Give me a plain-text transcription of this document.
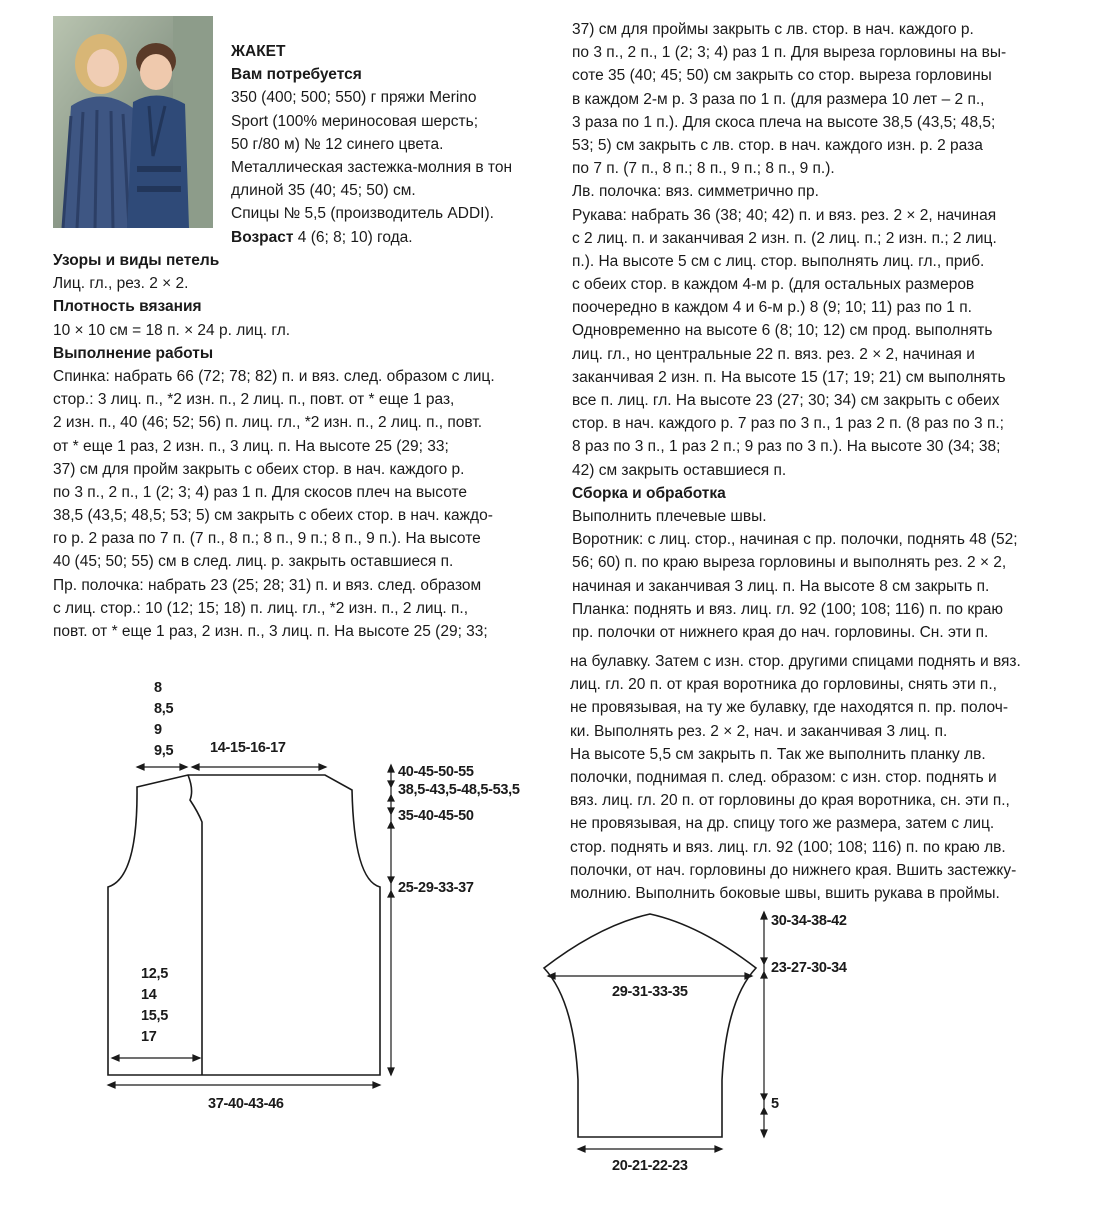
ЖАКЕТ
Вам потребуется
350 (400; 500; 550) г пряжи Merino
Sport (100% мериносовая шерсть;
50 г/80 м) № 12 синего цвета.
Металлическая застежка-молния в тон
длиной 35 (40; 45; 50) см.
Спицы № 5,5 (производитель ADDI).
Возраст 4 (6; 8; 10) года.
Узоры и виды петель
Лиц. гл., рез. 2 × 2.
Плотность вязания
10 × 10 см = 18 п. × 24 р. лиц. гл.
Выполнение работы
Спинка: набрать 66 (72; 78; 82) п. и вяз. след. образом с лиц.
стор.: 3 лиц. п., *2 изн. п., 2 лиц. п., повт. от * еще 1 раз,
2 изн. п., 40 (46; 52; 56) п. лиц. гл., *2 изн. п., 2 лиц. п., повт.
от * еще 1 раз, 2 изн. п., 3 лиц. п. На высоте 25 (29; 33;
37) см для пройм закрыть с обеих стор. в нач. каждого р.
по 3 п., 2 п., 1 (2; 3; 4) раз 1 п. Для скосов плеч на высоте
38,5 (43,5; 48,5; 53; 5) см закрыть с обеих стор. в нач. каждо-
го р. 2 раза по 7 п. (7 п., 8 п.; 8 п., 9 п.; 8 п., 9 п.). На высоте
40 (45; 50; 55) см в след. лиц. р. закрыть оставшиеся п.
Пр. полочка: набрать 23 (25; 28; 31) п. и вяз. след. образом
с лиц. стор.: 10 (12; 15; 18) п. лиц. гл., *2 изн. п., 2 лиц. п.,
повт. от * еще 1 раз, 2 изн. п., 3 лиц. п. На высоте 25 (29; 33;
37) см для проймы закрыть с лв. стор. в нач. каждого р.
по 3 п., 2 п., 1 (2; 3; 4) раз 1 п. Для выреза горловины на вы-
соте 35 (40; 45; 50) см закрыть со стор. выреза горловины
в каждом 2-м р. 3 раза по 1 п. (для размера 10 лет – 2 п.,
3 раза по 1 п.). Для скоса плеча на высоте 38,5 (43,5; 48,5;
53; 5) см закрыть с лв. стор. в нач. каждого изн. р. 2 раза
по 7 п. (7 п., 8 п.; 8 п., 9 п.; 8 п., 9 п.).
Лв. полочка: вяз. симметрично пр.
Рукава: набрать 36 (38; 40; 42) п. и вяз. рез. 2 × 2, начиная
с 2 лиц. п. и заканчивая 2 изн. п. (2 лиц. п.; 2 изн. п.; 2 лиц.
п.). На высоте 5 см с лиц. стор. выполнять лиц. гл., приб.
с обеих стор. в каждом 4-м р. (для остальных размеров
поочередно в каждом 4 и 6-м р.) 8 (9; 10; 11) раз по 1 п.
Одновременно на высоте 6 (8; 10; 12) см прод. выполнять
лиц. гл., но центральные 22 п. вяз. рез. 2 × 2, начиная и
заканчивая 2 изн. п. На высоте 15 (17; 19; 21) см выполнять
все п. лиц. гл. На высоте 23 (27; 30; 34) см закрыть с обеих
стор. в нач. каждого р. 7 раз по 3 п., 1 раз 2 п. (8 раз по 3 п.;
8 раз по 3 п., 1 раз 2 п.; 9 раз по 3 п.). На высоте 30 (34; 38;
42) см закрыть оставшиеся п.
Сборка и обработка
Выполнить плечевые швы.
Воротник: с лиц. стор., начиная с пр. полочки, поднять 48 (52;
56; 60) п. по краю выреза горловины и выполнять рез. 2 × 2,
начиная и заканчивая 3 лиц. п. На высоте 8 см закрыть п.
Планка: поднять и вяз. лиц. гл. 92 (100; 108; 116) п. по краю
пр. полочки от нижнего края до нач. горловины. Сн. эти п.
на булавку. Затем с изн. стор. другими спицами поднять и вяз.
лиц. гл. 20 п. от края воротника до горловины, снять эти п.,
не провязывая, на ту же булавку, где находятся п. пр. полоч-
ки. Выполнять рез. 2 × 2, нач. и заканчивая 3 лиц. п.
На высоте 5,5 см закрыть п. Так же выполнить планку лв.
полочки, поднимая п. след. образом: с изн. стор. поднять и
вяз. лиц. гл. 20 п. от горловины до края воротника, сн. эти п.,
не провязывая, на др. спицу того же размера, затем с лиц.
стор. поднять и вяз. лиц. гл. 92 (100; 108; 116) п. по краю лв.
полочки, от нач. горловины до нижнего края. Вшить застежку-
молнию. Выполнить боковые швы, вшить рукава в проймы.
8
8,5
9
9,5	14-15-16-17
40-45-50-55
38,5-43,5-48,5-53,5
35-40-45-50
25-29-33-37
12,5
14
15,5
17
37-40-43-46
30-34-38-42
23-27-30-34
29-31-33-35
5
20-21-22-23
